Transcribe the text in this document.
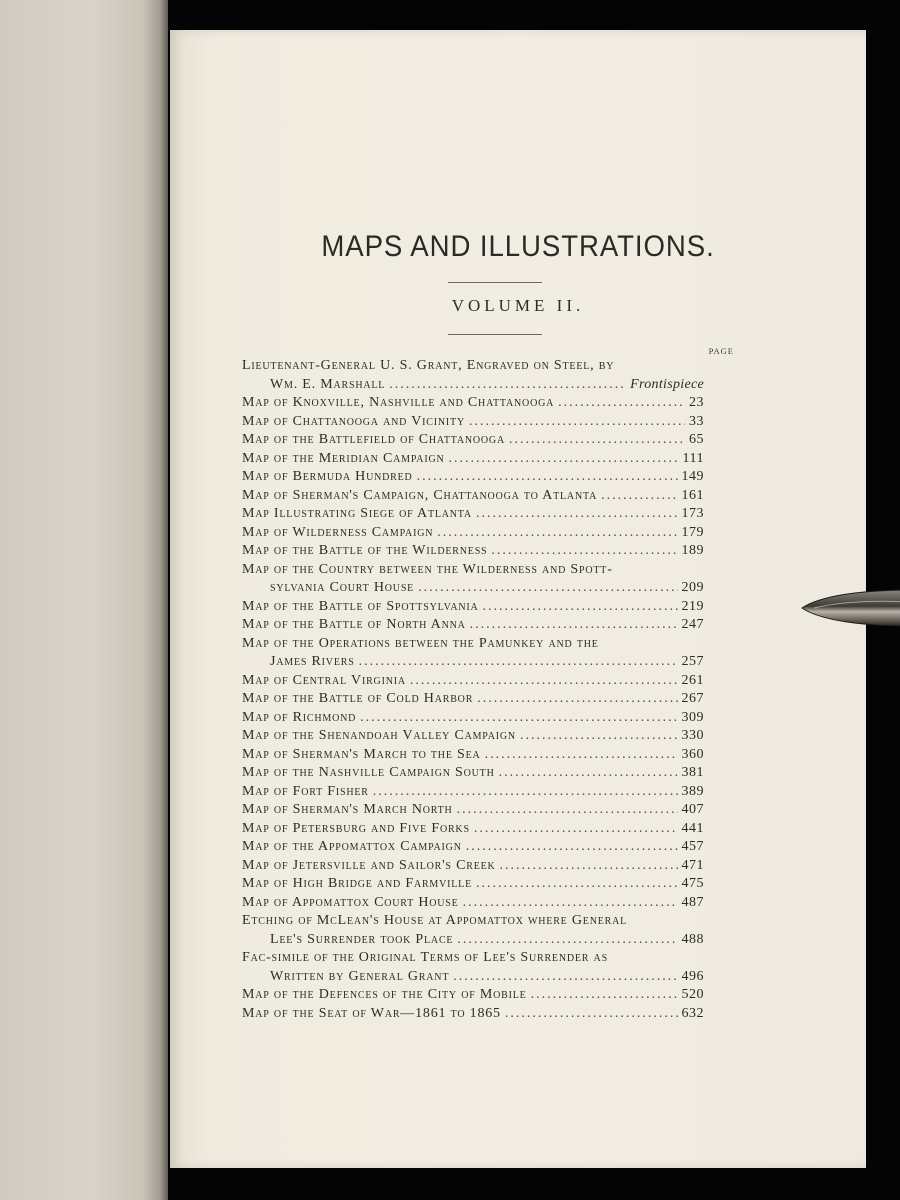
MAPS AND ILLUSTRATIONS.
VOLUME II.
PAGE
Lieutenant-General U. S. Grant, Engraved on Steel, by
Wm. E. Marshall .....	Frontispiece
Map of Knoxville, Nashville and Chattanooga .....	23
Map of Chattanooga and Vicinity .....	33
Map of the Battlefield of Chattanooga .....	65
Map of the Meridian Campaign .....	111
Map of Bermuda Hundred .....	149
Map of Sherman's Campaign, Chattanooga to Atlanta .....	161
Map Illustrating Siege of Atlanta .....	173
Map of Wilderness Campaign .....	179
Map of the Battle of the Wilderness .....	189
Map of the Country between the Wilderness and Spott-
sylvania Court House .....	209
Map of the Battle of Spottsylvania .....	219
Map of the Battle of North Anna .....	247
Map of the Operations between the Pamunkey and the
James Rivers .....	257
Map of Central Virginia .....	261
Map of the Battle of Cold Harbor .....	267
Map of Richmond .....	309
Map of the Shenandoah Valley Campaign .....	330
Map of Sherman's March to the Sea .....	360
Map of the Nashville Campaign South .....	381
Map of Fort Fisher .....	389
Map of Sherman's March North .....	407
Map of Petersburg and Five Forks .....	441
Map of the Appomattox Campaign .....	457
Map of Jetersville and Sailor's Creek .....	471
Map of High Bridge and Farmville .....	475
Map of Appomattox Court House .....	487
Etching of McLean's House at Appomattox where General
Lee's Surrender took Place .....	488
Fac-simile of the Original Terms of Lee's Surrender as
Written by General Grant .....	496
Map of the Defences of the City of Mobile .....	520
Map of the Seat of War—1861 to 1865 .....	632
